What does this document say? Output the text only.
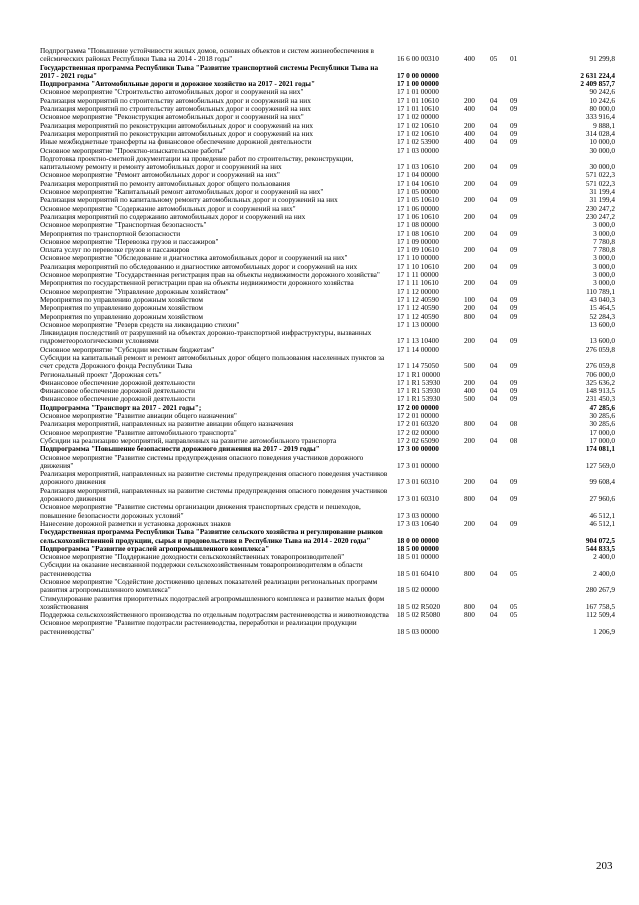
Подпрограмма "Повышение устойчивости жилых домов, основных объектов и систем жизнеобеспечения в сейсмических районах Республики Тыва на 2014 - 2018 годы"	16 6 00 00310	400	05	01	91 299,8
Государственная программа Республики Тыва "Развитие транспортной системы Республики Тыва на 2017 - 2021 годы"	17 0 00 00000	2 631 224,4
Подпрограмма "Автомобильные дороги и дорожное хозяйство на 2017 - 2021 годы"	17 1 00 00000	2 409 857,7
Основное мероприятие "Строительство автомобильных дорог и сооружений на них"	17 1 01 00000	90 242,6
Реализация мероприятий по строительству автомобильных дорог и сооружений на них	17 1 01 10610	200	04	09	10 242,6
Реализация мероприятий по строительству автомобильных дорог и сооружений на них	17 1 01 10610	400	04	09	80 000,0
Основное мероприятие "Реконструкция автомобильных дорог и сооружений на них"	17 1 02 00000	333 916,4
Реализация мероприятий по реконструкции автомобильных дорог и сооружений на них	17 1 02 10610	200	04	09	9 888,1
Реализация мероприятий по реконструкции автомобильных дорог и сооружений на них	17 1 02 10610	400	04	09	314 028,4
Иные межбюджетные трансферты на финансовое обеспечение дорожной деятельности	17 1 02 53900	400	04	09	10 000,0
Основное мероприятие "Проектно-изыскательские работы"	17 1 03 00000	30 000,0
Подготовка проектно-сметной документации на проведение работ по строительству, реконструкции, капитальному ремонту и ремонту автомобильных дорог и сооружений на них	17 1 03 10610	200	04	09	30 000,0
Основное мероприятие "Ремонт автомобильных дорог и сооружений на них"	17 1 04 00000	571 022,3
Реализация мероприятий по ремонту автомобильных дорог общего пользования	17 1 04 10610	200	04	09	571 022,3
Основное мероприятие "Капитальный ремонт автомобильных дорог и сооружений на них"	17 1 05 00000	31 199,4
Реализация мероприятий по капитальному ремонту автомобильных дорог и сооружений на них	17 1 05 10610	200	04	09	31 199,4
Основное мероприятие "Содержание автомобильных дорог и сооружений на них"	17 1 06 00000	230 247,2
Реализация мероприятий по содержанию автомобильных дорог и сооружений на них	17 1 06 10610	200	04	09	230 247,2
Основное мероприятие "Транспортная безопасность"	17 1 08 00000	3 000,0
Мероприятия по транспортной безопасности	17 1 08 10610	200	04	09	3 000,0
Основное мероприятие "Перевозка грузов и пассажиров"	17 1 09 00000	7 780,8
Оплата услуг по перевозке грузов и пассажиров	17 1 09 10610	200	04	09	7 780,8
Основное мероприятие "Обследование и диагностика автомобильных дорог и сооружений на них"	17 1 10 00000	3 000,0
Реализация мероприятий по обследованию и диагностике автомобильных дорог и сооружений на них	17 1 10 10610	200	04	09	3 000,0
Основное мероприятие "Государственная регистрация прав на объекты недвижимости дорожного хозяйства"	17 1 11 00000	3 000,0
Мероприятия по государственной регистрации прав на объекты недвижимости дорожного хозяйства	17 1 11 10610	200	04	09	3 000,0
Основное мероприятие "Управление дорожным хозяйством"	17 1 12 00000	110 789,1
Мероприятия по управлению дорожным хозяйством	17 1 12 40590	100	04	09	43 040,3
Мероприятия по управлению дорожным хозяйством	17 1 12 40590	200	04	09	15 464,5
Мероприятия по управлению дорожным хозяйством	17 1 12 40590	800	04	09	52 284,3
Основное мероприятие "Резерв средств на ликвидацию стихии"	17 1 13 00000	13 600,0
Ликвидация последствий от разрушений на объектах дорожно-транспортной инфраструктуры, вызванных гидрометеорологическими условиями	17 1 13 10400	200	04	09	13 600,0
Основное мероприятие "Субсидии местным бюджетам"	17 1 14 00000	276 059,8
Субсидии на капитальный ремонт и ремонт автомобильных дорог общего пользования населенных пунктов за счет средств Дорожного фонда Республики Тыва	17 1 14 75050	500	04	09	276 059,8
Региональный проект "Дорожная сеть"	17 1 R1 00000	706 000,0
Финансовое обеспечение дорожной деятельности	17 1 R1 53930	200	04	09	325 636,2
Финансовое обеспечение дорожной деятельности	17 1 R1 53930	400	04	09	148 913,5
Финансовое обеспечение дорожной деятельности	17 1 R1 53930	500	04	09	231 450,3
Подпрограмма "Транспорт на 2017 - 2021 годы";	17 2 00 00000	47 285,6
Основное мероприятие "Развитие авиации общего назначения"	17 2 01 00000	30 285,6
Реализация мероприятий, направленных на развитие авиации общего назначения	17 2 01 60320	800	04	08	30 285,6
Основное мероприятие "Развитие автомобильного транспорта"	17 2 02 00000	17 000,0
Субсидии на реализацию мероприятий, направленных на развитие автомобильного транспорта	17 2 02 65090	200	04	08	17 000,0
Подпрограмма "Повышение безопасности дорожного движения на 2017 - 2019 годы"	17 3 00 00000	174 081,1
Основное мероприятие "Развитие системы предупреждения опасного поведения участников дорожного движения"	17 3 01 00000	127 569,0
Реализация мероприятий, направленных на развитие системы предупреждения опасного поведения участников дорожного движения	17 3 01 60310	200	04	09	99 608,4
Реализация мероприятий, направленных на развитие системы предупреждения опасного поведения участников дорожного движения	17 3 01 60310	800	04	09	27 960,6
Основное мероприятие "Развитие системы организации движения транспортных средств и пешеходов, повышение безопасности дорожных условий"	17 3 03 00000	46 512,1
Нанесение дорожной разметки и установка дорожных знаков	17 3 03 10640	200	04	09	46 512,1
Государственная программа Республики Тыва "Развитие сельского хозяйства и регулирование рынков сельскохозяйственной продукции, сырья и продовольствия в Республике Тыва на 2014 - 2020 годы"	18 0 00 00000	904 072,5
Подпрограмма "Развитие отраслей агропромышленного комплекса"	18 5 00 00000	544 833,5
Основное мероприятие "Поддержание доходности сельскохозяйственных товаропроизводителей"	18 5 01 00000	2 400,0
Субсидии на оказание несвязанной поддержки сельскохозяйственным товаропроизводителям в области растениеводства	18 5 01 60410	800	04	05	2 400,0
Основное мероприятие "Содействие достижению целевых показателей реализации региональных программ развития агропромышленного комплекса"	18 5 02 00000	280 267,9
Стимулирование развития приоритетных подотраслей агропромышленного комплекса и развитие малых форм хозяйствования	18 5 02 R5020	800	04	05	167 758,5
Поддержка сельскохозяйственного производства по отдельным подотраслям растениеводства и животноводства	18 5 02 R5080	800	04	05	112 509,4
Основное мероприятие "Развитие подотрасли растениеводства, переработки и реализации продукции растениеводства"	18 5 03 00000	1 206,9
203
